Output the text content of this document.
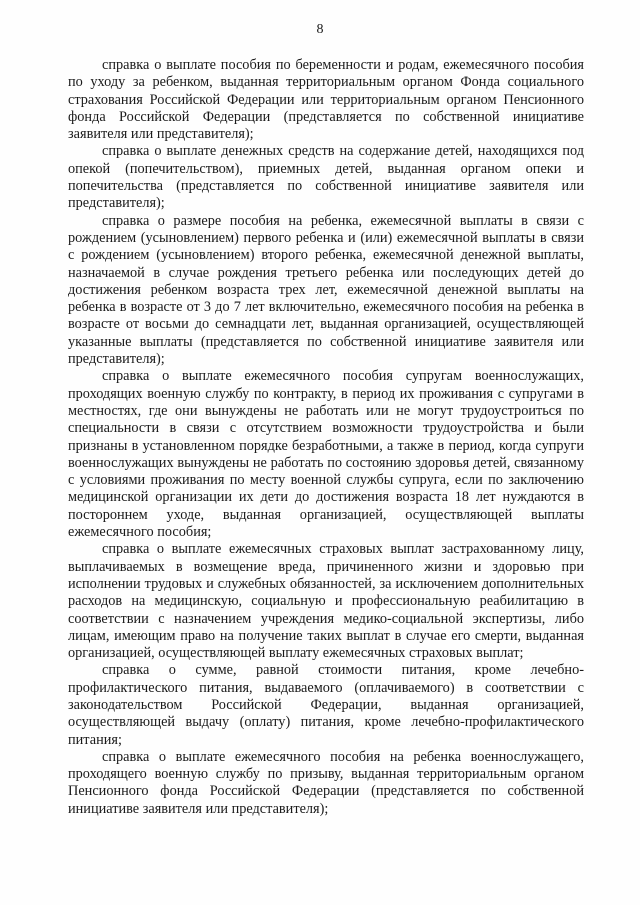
8

справка о выплате пособия по беременности и родам, ежемесячного пособия по уходу за ребенком, выданная территориальным органом Фонда социального страхования Российской Федерации или территориальным органом Пенсионного фонда Российской Федерации (представляется по собственной инициативе заявителя или представителя);

справка о выплате денежных средств на содержание детей, находящихся под опекой (попечительством), приемных детей, выданная органом опеки и попечительства (представляется по собственной инициативе заявителя или представителя);

справка о размере пособия на ребенка, ежемесячной выплаты в связи с рождением (усыновлением) первого ребенка и (или) ежемесячной выплаты в связи с рождением (усыновлением) второго ребенка, ежемесячной денежной выплаты, назначаемой в случае рождения третьего ребенка или последующих детей до достижения ребенком возраста трех лет, ежемесячной денежной выплаты на ребенка в возрасте от 3 до 7 лет включительно, ежемесячного пособия на ребенка в возрасте от восьми до семнадцати лет, выданная организацией, осуществляющей указанные выплаты (представляется по собственной инициативе заявителя или представителя);

справка о выплате ежемесячного пособия супругам военнослужащих, проходящих военную службу по контракту, в период их проживания с супругами в местностях, где они вынуждены не работать или не могут трудоустроиться по специальности в связи с отсутствием возможности трудоустройства и были признаны в установленном порядке безработными, а также в период, когда супруги военнослужащих вынуждены не работать по состоянию здоровья детей, связанному с условиями проживания по месту военной службы супруга, если по заключению медицинской организации их дети до достижения возраста 18 лет нуждаются в постороннем уходе, выданная организацией, осуществляющей выплаты ежемесячного пособия;

справка о выплате ежемесячных страховых выплат застрахованному лицу, выплачиваемых в возмещение вреда, причиненного жизни и здоровью при исполнении трудовых и служебных обязанностей, за исключением дополнительных расходов на медицинскую, социальную и профессиональную реабилитацию в соответствии с назначением учреждения медико-социальной экспертизы, либо лицам, имеющим право на получение таких выплат в случае его смерти, выданная организацией, осуществляющей выплату ежемесячных страховых выплат;

справка о сумме, равной стоимости питания, кроме лечебно-профилактического питания, выдаваемого (оплачиваемого) в соответствии с законодательством Российской Федерации, выданная организацией, осуществляющей выдачу (оплату) питания, кроме лечебно-профилактического питания;

справка о выплате ежемесячного пособия на ребенка военнослужащего, проходящего военную службу по призыву, выданная территориальным органом Пенсионного фонда Российской Федерации (представляется по собственной инициативе заявителя или представителя);
